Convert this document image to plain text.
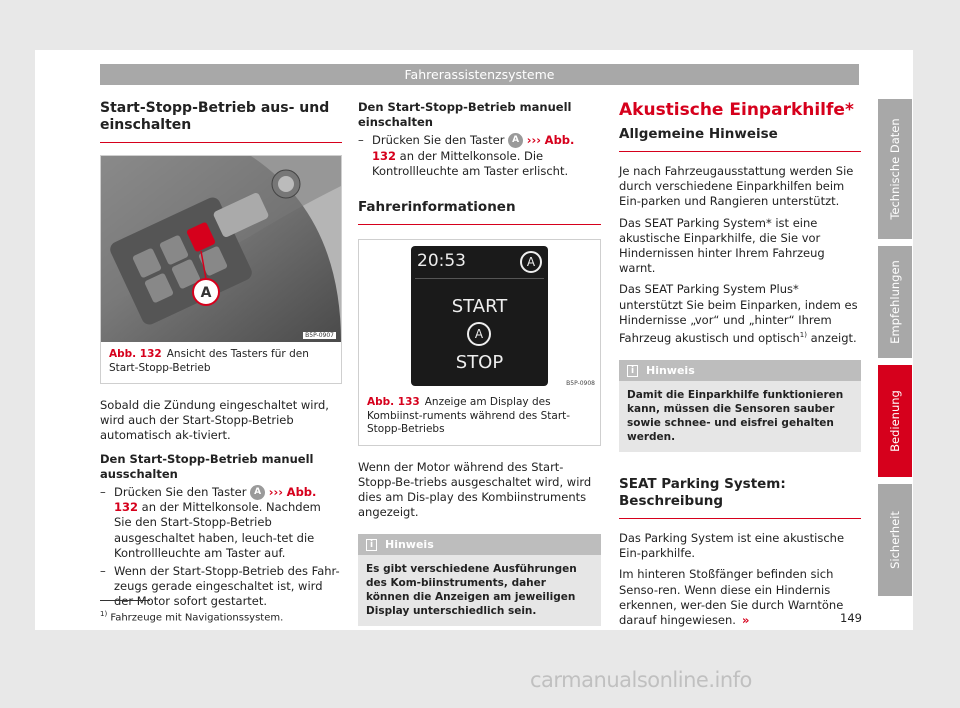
Fahrerassistenzsysteme
Start-Stopp-Betrieb aus- und einschalten
A
B5P-0907
Abb. 132 Ansicht des Tasters für den Start-Stopp-Betrieb

Sobald die Zündung eingeschaltet wird, wird auch der Start-Stopp-Betrieb automatisch ak-tiviert.

Den Start-Stopp-Betrieb manuell ausschalten

– Drücken Sie den Taster A ››› Abb. 132 an der Mittelkonsole. Nachdem Sie den Start-Stopp-Betrieb ausgeschaltet haben, leuch-tet die Kontrollleuchte am Taster auf.
– Wenn der Start-Stopp-Betrieb des Fahr-zeugs gerade eingeschaltet ist, wird der Motor sofort gestartet.

Den Start-Stopp-Betrieb manuell einschalten

– Drücken Sie den Taster A ››› Abb. 132 an der Mittelkonsole. Die Kontrollleuchte am Taster erlischt.
Fahrerinformationen
20:53	A
START
A
STOP
B5P-0908
Abb. 133 Anzeige am Display des Kombiinst-ruments während des Start-Stopp-Betriebs

Wenn der Motor während des Start-Stopp-Be-triebs ausgeschaltet wird, wird dies am Dis-play des Kombiinstruments angezeigt.

i	Hinweis
Es gibt verschiedene Ausführungen des Kom-biinstruments, daher können die Anzeigen am jeweiligen Display unterschiedlich sein.
Akustische Einparkhilfe*
Allgemeine Hinweise

Je nach Fahrzeugausstattung werden Sie durch verschiedene Einparkhilfen beim Ein-parken und Rangieren unterstützt.

Das SEAT Parking System* ist eine akustische Einparkhilfe, die Sie vor Hindernissen hinter Ihrem Fahrzeug warnt.

Das SEAT Parking System Plus* unterstützt Sie beim Einparken, indem es Hindernisse „vor“ und „hinter“ Ihrem Fahrzeug akustisch und optisch$^{1)}$ anzeigt.

i	Hinweis
Damit die Einparkhilfe funktionieren kann, müssen die Sensoren sauber sowie schnee- und eisfrei gehalten werden.
SEAT Parking System: Beschreibung

Das Parking System ist eine akustische Ein-parkhilfe.

Im hinteren Stoßfänger befinden sich Senso-ren. Wenn diese ein Hindernis erkennen, wer-den Sie durch Warntöne darauf hingewiesen. »

Technische Daten
Empfehlungen
Bedienung
Sicherheit
$^{1)}$ Fahrzeuge mit Navigationssystem.	149
carmanualsonline.info
